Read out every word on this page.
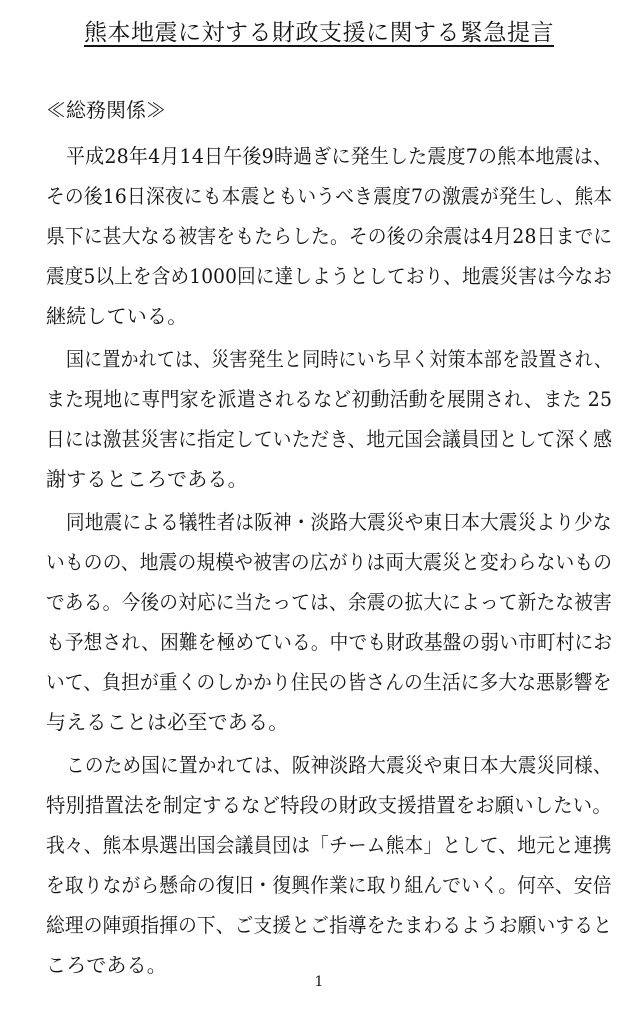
熊本地震に対する財政支援に関する緊急提言
≪総務関係≫
平成28年4月14日午後9時過ぎに発生した震度7の熊本地震は、
その後16日深夜にも本震ともいうべき震度7の激震が発生し、熊本
県下に甚大なる被害をもたらした。その後の余震は4月28日までに
震度5以上を含め1000回に達しようとしており、地震災害は今なお
継続している。
国に置かれては、災害発生と同時にいち早く対策本部を設置され、
また現地に専門家を派遣されるなど初動活動を展開され、また 25
日には激甚災害に指定していただき、地元国会議員団として深く感
謝するところである。
同地震による犠牲者は阪神・淡路大震災や東日本大震災より少な
いものの、地震の規模や被害の広がりは両大震災と変わらないもの
である。今後の対応に当たっては、余震の拡大によって新たな被害
も予想され、困難を極めている。中でも財政基盤の弱い市町村にお
いて、負担が重くのしかかり住民の皆さんの生活に多大な悪影響を
与えることは必至である。
このため国に置かれては、阪神淡路大震災や東日本大震災同様、
特別措置法を制定するなど特段の財政支援措置をお願いしたい。
我々、熊本県選出国会議員団は「チーム熊本」として、地元と連携
を取りながら懸命の復旧・復興作業に取り組んでいく。何卒、安倍
総理の陣頭指揮の下、ご支援とご指導をたまわるようお願いすると
ころである。
1
